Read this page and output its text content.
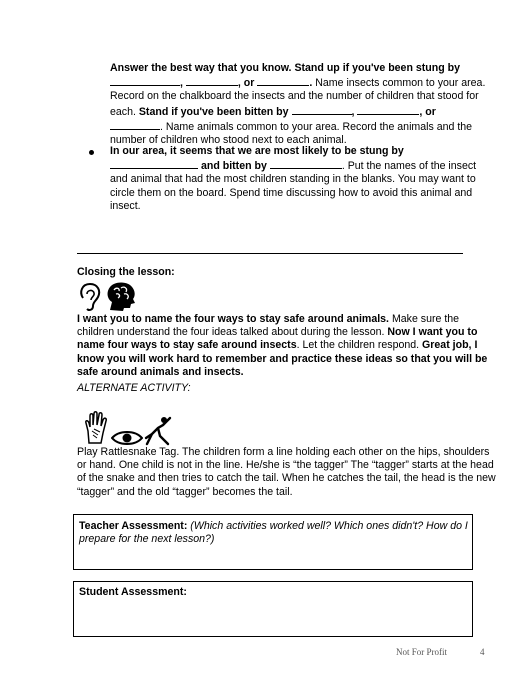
Answer the best way that you know. Stand up if you've been stung by
,	, or	. Name insects common to your area.
Record on the chalkboard the insects and the number of children that stood for
each. Stand if you've been bitten by	,	, or
. Name animals common to your area. Record the animals and the
number of children who stood next to each animal.
In our area, it seems that we are most likely to be stung by
and bitten by	. Put the names of the insect
and animal that had the most children standing in the blanks. You may want to
circle them on the board. Spend time discussing how to avoid this animal and
insect.
Closing the lesson:
I want you to name the four ways to stay safe around animals. Make sure the children understand the four ideas talked about during the lesson. Now I want you to name four ways to stay safe around insects. Let the children respond. Great job, I know you will work hard to remember and practice these ideas so that you will be safe around animals and insects.
ALTERNATE ACTIVITY:
Play Rattlesnake Tag. The children form a line holding each other on the hips, shoulders or hand. One child is not in the line. He/she is “the tagger” The “tagger” starts at the head of the snake and then tries to catch the tail. When he catches the tail, the head is the new “tagger” and the old “tagger” becomes the tail.
Teacher Assessment: (Which activities worked well? Which ones didn't? How do I prepare for the next lesson?)
Student Assessment:
Not For Profit	4
